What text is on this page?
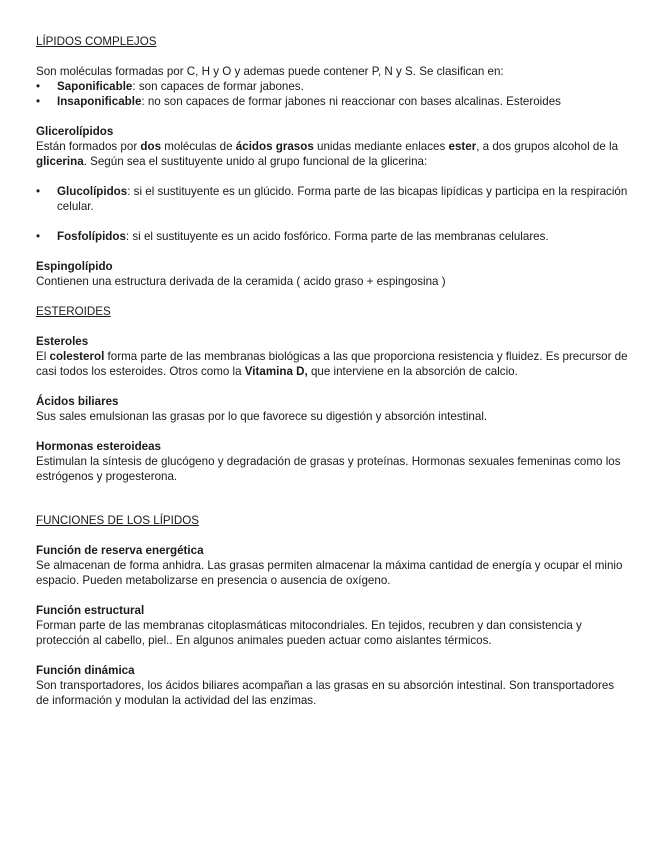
LÍPIDOS COMPLEJOS

Son moléculas formadas por C, H y O y ademas puede contener P, N y S. Se clasifican en:

• Saponificable: son capaces de formar jabones.
• Insaponificable: no son capaces de formar jabones ni reaccionar con bases alcalinas. Esteroides

Glicerolípidos

Están formados por dos moléculas de ácidos grasos unidas mediante enlaces ester, a dos grupos alcohol de la glicerina. Según sea el sustituyente unido al grupo funcional de la glicerina:

• Glucolípidos: si el sustituyente es un glúcido. Forma parte de las bicapas lipídicas y participa en la respiración celular.
• Fosfolípidos: si el sustituyente es un acido fosfórico. Forma parte de las membranas celulares.

Espingolípido

Contienen una estructura derivada de la ceramida ( acido graso + espingosina )

ESTEROIDES

Esteroles

El colesterol forma parte de las membranas biológicas a las que proporciona resistencia y fluidez. Es precursor de casi todos los esteroides. Otros como la Vitamina D, que interviene en la absorción de calcio.

Ácidos biliares

Sus sales emulsionan las grasas por lo que favorece su digestión y absorción intestinal.

Hormonas esteroideas

Estimulan la síntesis de glucógeno y degradación de grasas y proteínas. Hormonas sexuales femeninas como los estrógenos y progesterona.

FUNCIONES DE LOS LÍPIDOS

Función de reserva energética

Se almacenan de forma anhidra. Las grasas permiten almacenar la máxima cantidad de energía y ocupar el minio espacio. Pueden metabolizarse en presencia o ausencia de oxígeno.

Función estructural

Forman parte de las membranas citoplasmáticas mitocondriales. En tejidos, recubren y dan consistencia y protección al cabello, piel.. En algunos animales pueden actuar como aislantes térmicos.

Función dinámica

Son transportadores, los ácidos biliares acompañan a las grasas en su absorción intestinal. Son transportadores de información y modulan la actividad del las enzimas.
